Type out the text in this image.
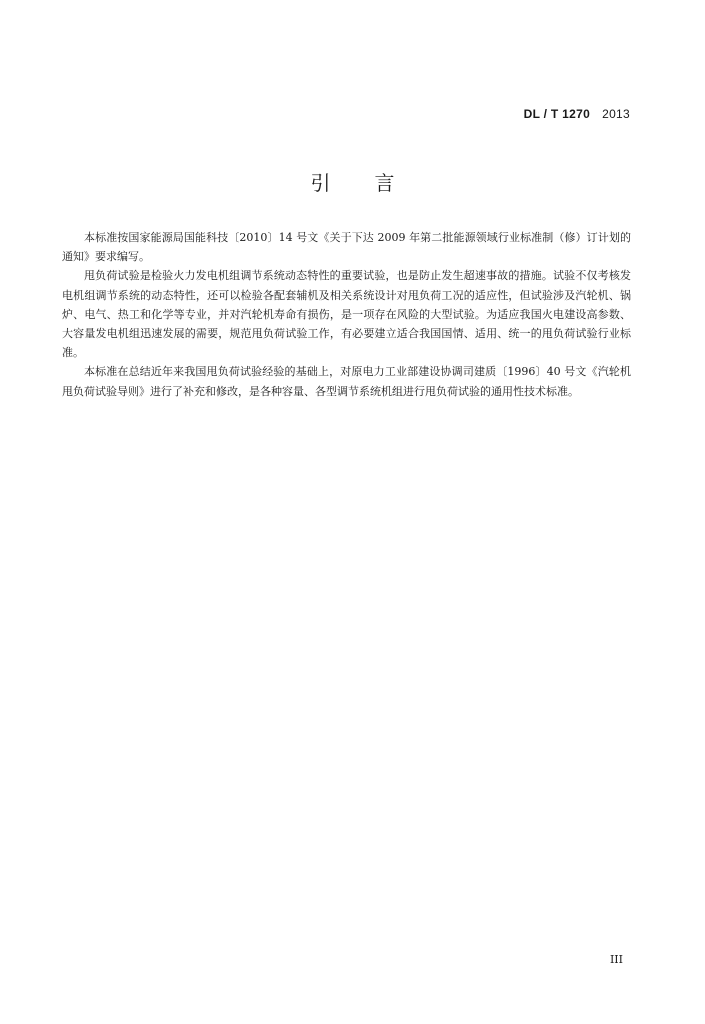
DL / T 1270 2013
引 言

本标准按国家能源局国能科技〔2010〕14 号文《关于下达 2009 年第二批能源领域行业标准制（修）订计划的通知》要求编写。

甩负荷试验是检验火力发电机组调节系统动态特性的重要试验，也是防止发生超速事故的措施。试验不仅考核发电机组调节系统的动态特性，还可以检验各配套辅机及相关系统设计对甩负荷工况的适应性，但试验涉及汽轮机、锅炉、电气、热工和化学等专业，并对汽轮机寿命有损伤，是一项存在风险的大型试验。为适应我国火电建设高参数、大容量发电机组迅速发展的需要，规范甩负荷试验工作，有必要建立适合我国国情、适用、统一的甩负荷试验行业标准。

本标准在总结近年来我国甩负荷试验经验的基础上，对原电力工业部建设协调司建质〔1996〕40 号文《汽轮机甩负荷试验导则》进行了补充和修改，是各种容量、各型调节系统机组进行甩负荷试验的通用性技术标准。

III
